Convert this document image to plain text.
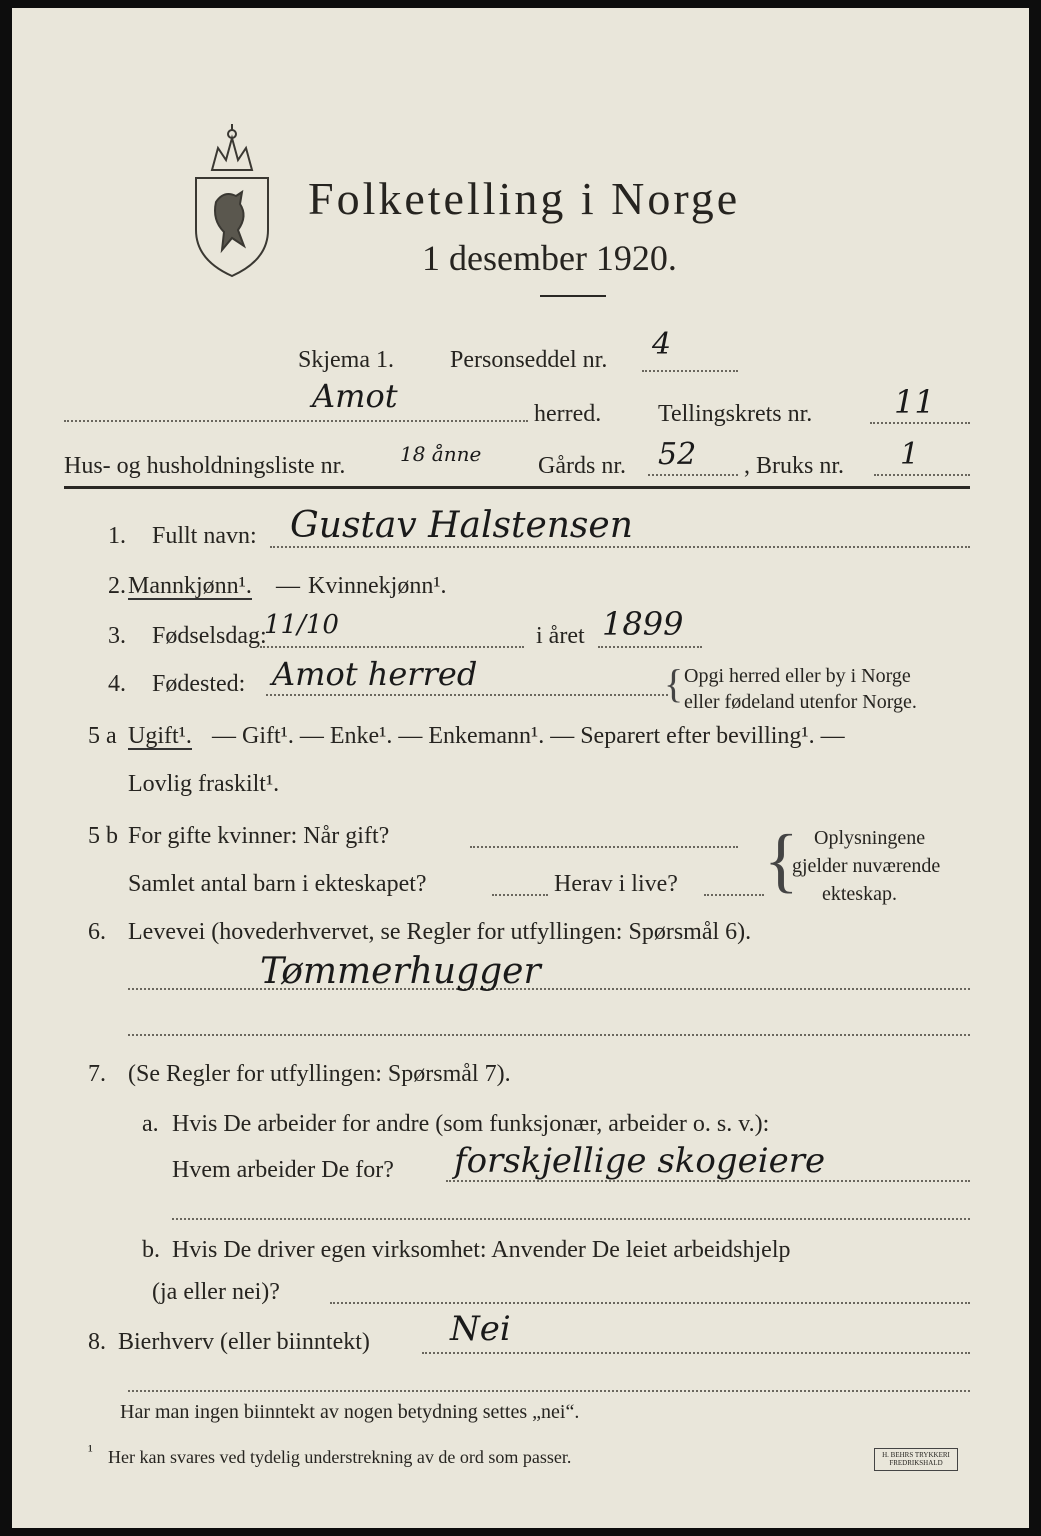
Folketelling i Norge
1 desember 1920.
Skjema 1. Personseddel nr. 4
Amot	herred. Tellingskrets nr.	11
Hus- og husholdningsliste nr.	18 ånne Gårds nr. 52 , Bruks nr. 1
1. Fullt navn: Gustav Halstensen
2. Mannkjønn¹. — Kvinnekjønn¹.
3. Fødselsdag:
11/10	i året 1899
4. Fødested: Amot herred	{ Opgi herred eller by i Norge
eller fødeland utenfor Norge.
5 a Ugift¹. — Gift¹. — Enke¹. — Enkemann¹. — Separert efter bevilling¹. —
Lovlig fraskilt¹.
5 b For gifte kvinner: Når gift?
Samlet antal barn i ekteskapet?	Herav i live? { Oplysningene
gjelder nuværende
ekteskap.
6. Levevei (hovederhvervet, se Regler for utfyllingen: Spørsmål 6).
Tømmerhugger
7. (Se Regler for utfyllingen: Spørsmål 7).
a. Hvis De arbeider for andre (som funksjonær, arbeider o. s. v.):
Hvem arbeider De for? forskjellige skogeiere
b. Hvis De driver egen virksomhet: Anvender De leiet arbeidshjelp
(ja eller nei)?
8. Bierhverv (eller biinntekt) Nei
Har man ingen biinntekt av nogen betydning settes „nei“.
¹ Her kan svares ved tydelig understrekning av de ord som passer.	H. BEHRS TRYKKERI FREDRIKSHALD
